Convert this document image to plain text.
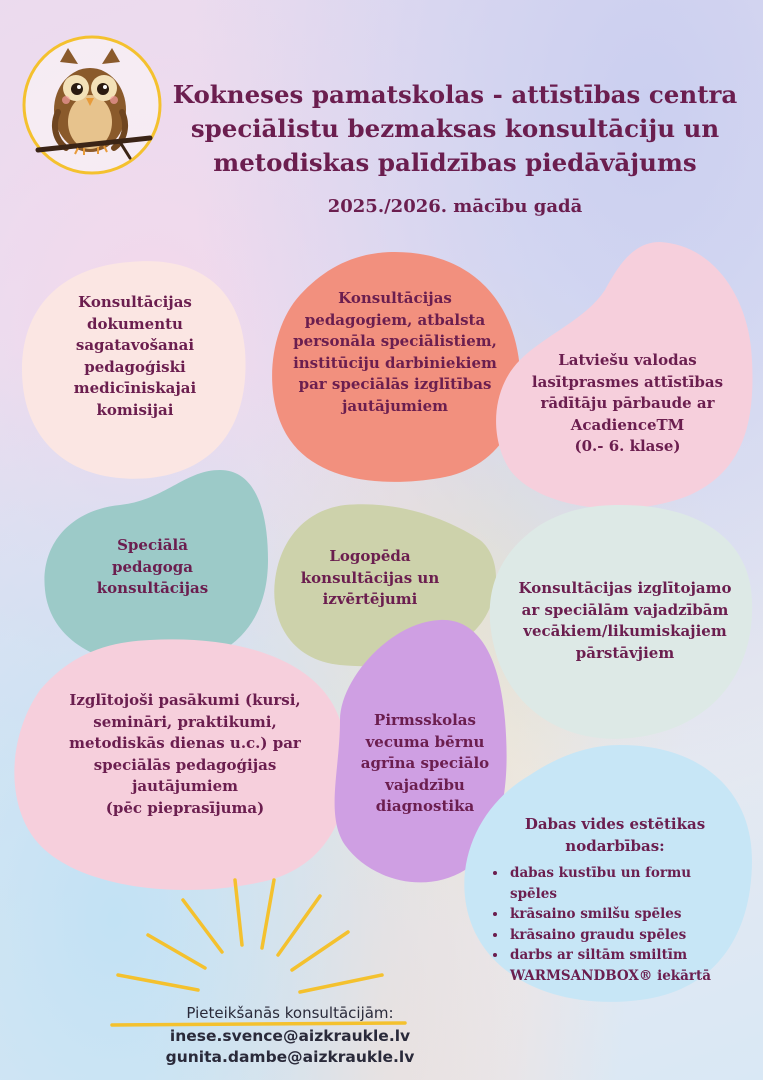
Kokneses pamatskolas - attīstības centra
speciālistu bezmaksas konsultāciju un
metodiskas palīdzības piedāvājums

2025./2026. mācību gadā

Konsultācijas
dokumentu
sagatavošanai
pedagoģiski
medicīniskajai
komisijai
Konsultācijas
pedagogiem, atbalsta
personāla speciālistiem,
institūciju darbiniekiem
par speciālās izglītības
jautājumiem
Latviešu valodas
lasītprasmes attīstības
rādītāju pārbaude ar
AcadienceTM
(0.- 6. klase)
Speciālā
pedagoga
konsultācijas
Logopēda
konsultācijas un
izvērtējumi
Konsultācijas izglītojamo
ar speciālām vajadzībām
vecākiem/likumiskajiem
pārstāvjiem
Izglītojoši pasākumi (kursi,
semināri, praktikumi,
metodiskās dienas u.c.) par
speciālās pedagoģijas
jautājumiem
(pēc pieprasījuma)
Pirmsskolas
vecuma bērnu
agrīna speciālo
vajadzību
diagnostika
Dabas vides estētikas
nodarbības:
• dabas kustību un formu spēles
• krāsaino smilšu spēles
• krāsaino graudu spēles
• darbs ar siltām smiltīm WARMSANDBOX® iekārtā

Pieteikšanās konsultācijām:

inese.svence@aizkraukle.lv

gunita.dambe@aizkraukle.lv
